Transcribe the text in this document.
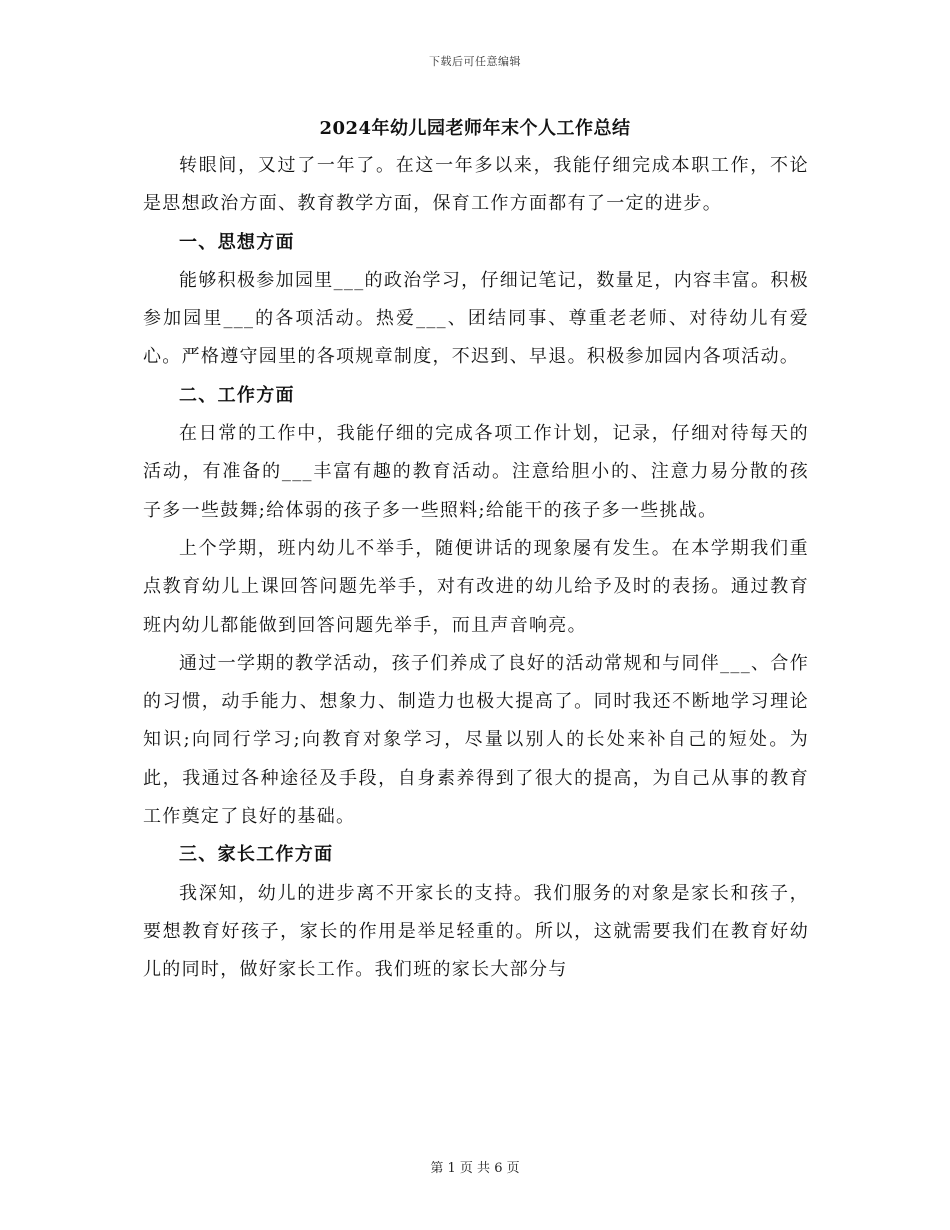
下载后可任意编辑
2024年幼儿园老师年末个人工作总结

转眼间，又过了一年了。在这一年多以来，我能仔细完成本职工作，不论是思想政治方面、教育教学方面，保育工作方面都有了一定的进步。

一、思想方面

能够积极参加园里___的政治学习，仔细记笔记，数量足，内容丰富。积极参加园里___的各项活动。热爱___、团结同事、尊重老老师、对待幼儿有爱心。严格遵守园里的各项规章制度，不迟到、早退。积极参加园内各项活动。

二、工作方面

在日常的工作中，我能仔细的完成各项工作计划，记录，仔细对待每天的活动，有准备的___丰富有趣的教育活动。注意给胆小的、注意力易分散的孩子多一些鼓舞;给体弱的孩子多一些照料;给能干的孩子多一些挑战。

上个学期，班内幼儿不举手，随便讲话的现象屡有发生。在本学期我们重点教育幼儿上课回答问题先举手，对有改进的幼儿给予及时的表扬。通过教育班内幼儿都能做到回答问题先举手，而且声音响亮。

通过一学期的教学活动，孩子们养成了良好的活动常规和与同伴___、合作的习惯，动手能力、想象力、制造力也极大提高了。同时我还不断地学习理论知识;向同行学习;向教育对象学习，尽量以别人的长处来补自己的短处。为此，我通过各种途径及手段，自身素养得到了很大的提高，为自己从事的教育工作奠定了良好的基础。

三、家长工作方面

我深知，幼儿的进步离不开家长的支持。我们服务的对象是家长和孩子，要想教育好孩子，家长的作用是举足轻重的。所以，这就需要我们在教育好幼儿的同时，做好家长工作。我们班的家长大部分与

第 1 页 共 6 页
